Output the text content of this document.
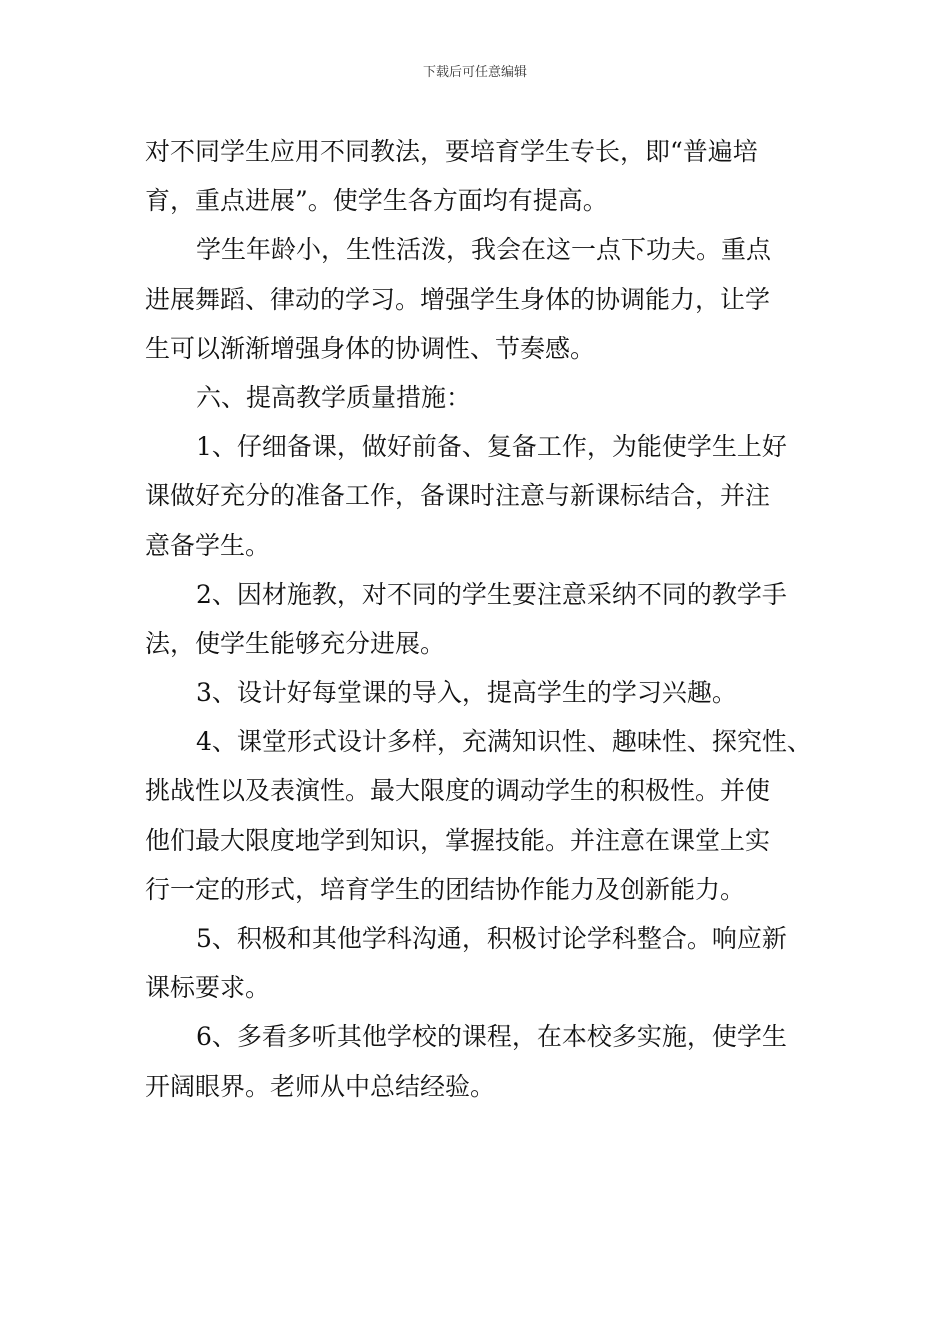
下载后可任意编辑
对不同学生应用不同教法，要培育学生专长，即“普遍培
育，重点进展”。使学生各方面均有提高。
学生年龄小，生性活泼，我会在这一点下功夫。重点
进展舞蹈、律动的学习。增强学生身体的协调能力，让学
生可以渐渐增强身体的协调性、节奏感。
六、提高教学质量措施：
1、仔细备课，做好前备、复备工作，为能使学生上好
课做好充分的准备工作，备课时注意与新课标结合，并注
意备学生。
2、因材施教，对不同的学生要注意采纳不同的教学手
法，使学生能够充分进展。
3、设计好每堂课的导入，提高学生的学习兴趣。
4、课堂形式设计多样，充满知识性、趣味性、探究性、
挑战性以及表演性。最大限度的调动学生的积极性。并使
他们最大限度地学到知识，掌握技能。并注意在课堂上实
行一定的形式，培育学生的团结协作能力及创新能力。
5、积极和其他学科沟通，积极讨论学科整合。响应新
课标要求。
6、多看多听其他学校的课程，在本校多实施，使学生
开阔眼界。老师从中总结经验。
